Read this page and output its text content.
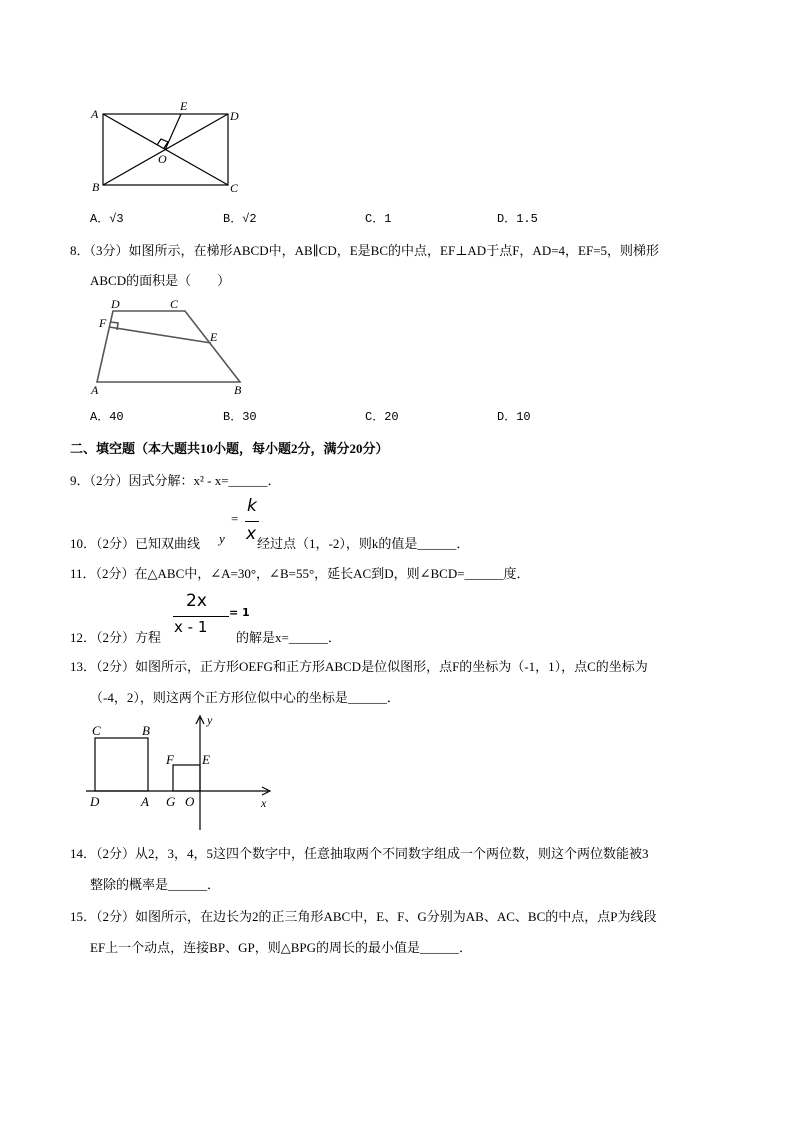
A
E
D
O
B	C
A．√3	B．√2	C．1	D．1.5
8．（3分）如图所示，在梯形ABCD中，AB∥CD，E是BC的中点，EF⊥AD于点F，AD=4，EF=5，则梯形
ABCD的面积是（　　）
D	C
F
E
A	B
A．40	B．30	C．20	D．10
二、填空题（本大题共10小题，每小题2分，满分20分）
9．（2分）因式分解：x² - x=______．
10．（2分）已知双曲线 y
=
k
x 经过点（1，-2），则k的值是______．
11．（2分）在△ABC中，∠A=30°，∠B=55°，延长AC到D，则∠BCD=______度．
12．（2分）方程
2x
x - 1
= 1
的解是x=______．
13．（2分）如图所示，正方形OEFG和正方形ABCD是位似图形，点F的坐标为（-1，1），点C的坐标为
（-4，2），则这两个正方形位似中心的坐标是______．
y
C	B
F E
D	A G O	x
14．（2分）从2，3，4，5这四个数字中，任意抽取两个不同数字组成一个两位数，则这个两位数能被3
整除的概率是______．
15．（2分）如图所示，在边长为2的正三角形ABC中，E、F、G分别为AB、AC、BC的中点，点P为线段
EF上一个动点，连接BP、GP，则△BPG的周长的最小值是______．
